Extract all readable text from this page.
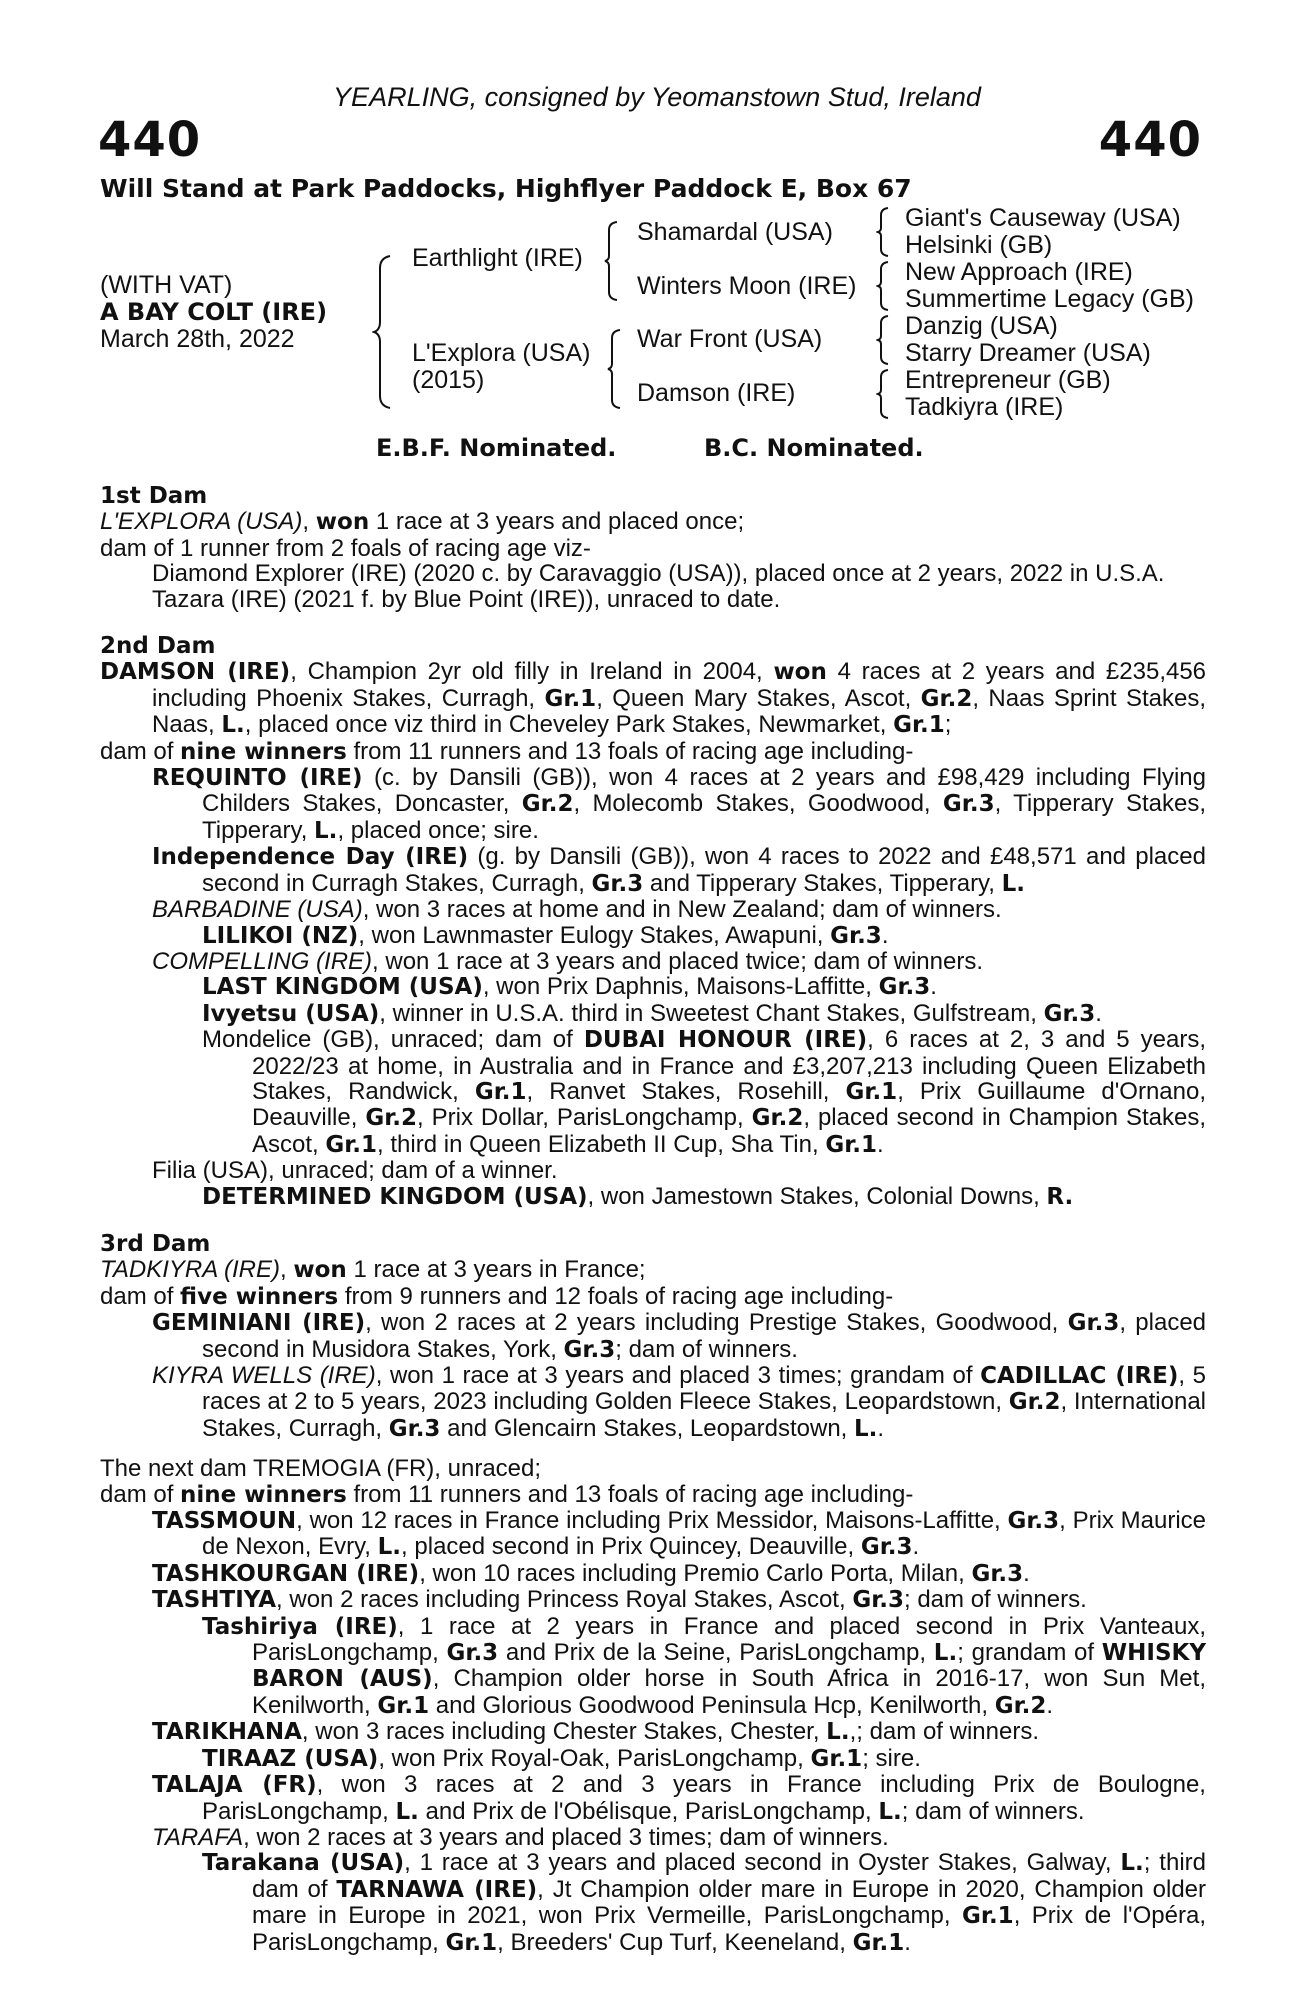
YEARLING, consigned by Yeomanstown Stud, Ireland
440	440
Will Stand at Park Paddocks, Highflyer Paddock E, Box 67
(WITH VAT)
A BAY COLT (IRE)
March 28th, 2022
Earthlight (IRE)
L'Explora (USA)
(2015)
Shamardal (USA)
Winters Moon (IRE)
War Front (USA)
Damson (IRE)
Giant's Causeway (USA)
Helsinki (GB)
New Approach (IRE)
Summertime Legacy (GB)
Danzig (USA)
Starry Dreamer (USA)
Entrepreneur (GB)
Tadkiyra (IRE)
E.B.F. Nominated.	B.C. Nominated.

1st Dam

L'EXPLORA (USA), won 1 race at 3 years and placed once;

dam of 1 runner from 2 foals of racing age viz-

Diamond Explorer (IRE) (2020 c. by Caravaggio (USA)), placed once at 2 years, 2022 in U.S.A.

Tazara (IRE) (2021 f. by Blue Point (IRE)), unraced to date.

2nd Dam

DAMSON (IRE), Champion 2yr old filly in Ireland in 2004, won 4 races at 2 years and £235,456 including Phoenix Stakes, Curragh, Gr.1, Queen Mary Stakes, Ascot, Gr.2, Naas Sprint Stakes, Naas, L., placed once viz third in Cheveley Park Stakes, Newmarket, Gr.1;

dam of nine winners from 11 runners and 13 foals of racing age including-

REQUINTO (IRE) (c. by Dansili (GB)), won 4 races at 2 years and £98,429 including Flying Childers Stakes, Doncaster, Gr.2, Molecomb Stakes, Goodwood, Gr.3, Tipperary Stakes, Tipperary, L., placed once; sire.

Independence Day (IRE) (g. by Dansili (GB)), won 4 races to 2022 and £48,571 and placed second in Curragh Stakes, Curragh, Gr.3 and Tipperary Stakes, Tipperary, L.

BARBADINE (USA), won 3 races at home and in New Zealand; dam of winners.

LILIKOI (NZ), won Lawnmaster Eulogy Stakes, Awapuni, Gr.3.

COMPELLING (IRE), won 1 race at 3 years and placed twice; dam of winners.

LAST KINGDOM (USA), won Prix Daphnis, Maisons-Laffitte, Gr.3.

Ivyetsu (USA), winner in U.S.A. third in Sweetest Chant Stakes, Gulfstream, Gr.3.

Mondelice (GB), unraced; dam of DUBAI HONOUR (IRE), 6 races at 2, 3 and 5 years, 2022/23 at home, in Australia and in France and £3,207,213 including Queen Elizabeth Stakes, Randwick, Gr.1, Ranvet Stakes, Rosehill, Gr.1, Prix Guillaume d'Ornano, Deauville, Gr.2, Prix Dollar, ParisLongchamp, Gr.2, placed second in Champion Stakes, Ascot, Gr.1, third in Queen Elizabeth II Cup, Sha Tin, Gr.1.

Filia (USA), unraced; dam of a winner.

DETERMINED KINGDOM (USA), won Jamestown Stakes, Colonial Downs, R.

3rd Dam

TADKIYRA (IRE), won 1 race at 3 years in France;

dam of five winners from 9 runners and 12 foals of racing age including-

GEMINIANI (IRE), won 2 races at 2 years including Prestige Stakes, Goodwood, Gr.3, placed second in Musidora Stakes, York, Gr.3; dam of winners.

KIYRA WELLS (IRE), won 1 race at 3 years and placed 3 times; grandam of CADILLAC (IRE), 5 races at 2 to 5 years, 2023 including Golden Fleece Stakes, Leopardstown, Gr.2, International Stakes, Curragh, Gr.3 and Glencairn Stakes, Leopardstown, L..

The next dam TREMOGIA (FR), unraced;

dam of nine winners from 11 runners and 13 foals of racing age including-

TASSMOUN, won 12 races in France including Prix Messidor, Maisons-Laffitte, Gr.3, Prix Maurice de Nexon, Evry, L., placed second in Prix Quincey, Deauville, Gr.3.

TASHKOURGAN (IRE), won 10 races including Premio Carlo Porta, Milan, Gr.3.

TASHTIYA, won 2 races including Princess Royal Stakes, Ascot, Gr.3; dam of winners.

Tashiriya (IRE), 1 race at 2 years in France and placed second in Prix Vanteaux, ParisLongchamp, Gr.3 and Prix de la Seine, ParisLongchamp, L.; grandam of WHISKY BARON (AUS), Champion older horse in South Africa in 2016-17, won Sun Met, Kenilworth, Gr.1 and Glorious Goodwood Peninsula Hcp, Kenilworth, Gr.2.

TARIKHANA, won 3 races including Chester Stakes, Chester, L.,; dam of winners.

TIRAAZ (USA), won Prix Royal-Oak, ParisLongchamp, Gr.1; sire.

TALAJA (FR), won 3 races at 2 and 3 years in France including Prix de Boulogne, ParisLongchamp, L. and Prix de l'Obélisque, ParisLongchamp, L.; dam of winners.

TARAFA, won 2 races at 3 years and placed 3 times; dam of winners.

Tarakana (USA), 1 race at 3 years and placed second in Oyster Stakes, Galway, L.; third dam of TARNAWA (IRE), Jt Champion older mare in Europe in 2020, Champion older mare in Europe in 2021, won Prix Vermeille, ParisLongchamp, Gr.1, Prix de l'Opéra, ParisLongchamp, Gr.1, Breeders' Cup Turf, Keeneland, Gr.1.
